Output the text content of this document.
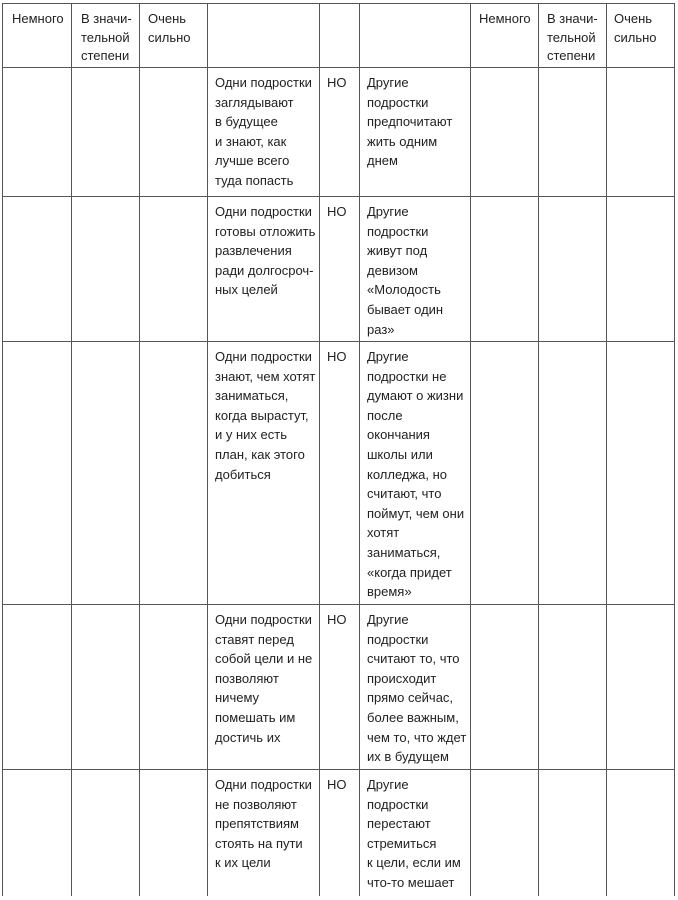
Немного В значи-
тельной
степени
Очень
сильно
Немного В значи-
тельной
степени
Очень
сильно
Одни подростки
заглядывают
в будущее
и знают, как
лучше всего
туда попасть
НО Другие
подростки
предпочитают
жить одним
днем
Одни подростки
готовы отложить
развлечения
ради долгосроч-
ных целей
НО Другие
подростки
живут под
девизом
«Молодость
бывает один
раз»
Одни подростки
знают, чем хотят
заниматься,
когда вырастут,
и у них есть
план, как этого
добиться
НО Другие
подростки не
думают о жизни
после
окончания
школы или
колледжа, но
считают, что
поймут, чем они
хотят
заниматься,
«когда придет
время»
Одни подростки
ставят перед
собой цели и не
позволяют
ничему
помешать им
достичь их
НО Другие
подростки
считают то, что
происходит
прямо сейчас,
более важным,
чем то, что ждет
их в будущем
Одни подростки
не позволяют
препятствиям
стоять на пути
к их цели
НО Другие
подростки
перестают
стремиться
к цели, если им
что-то мешает
